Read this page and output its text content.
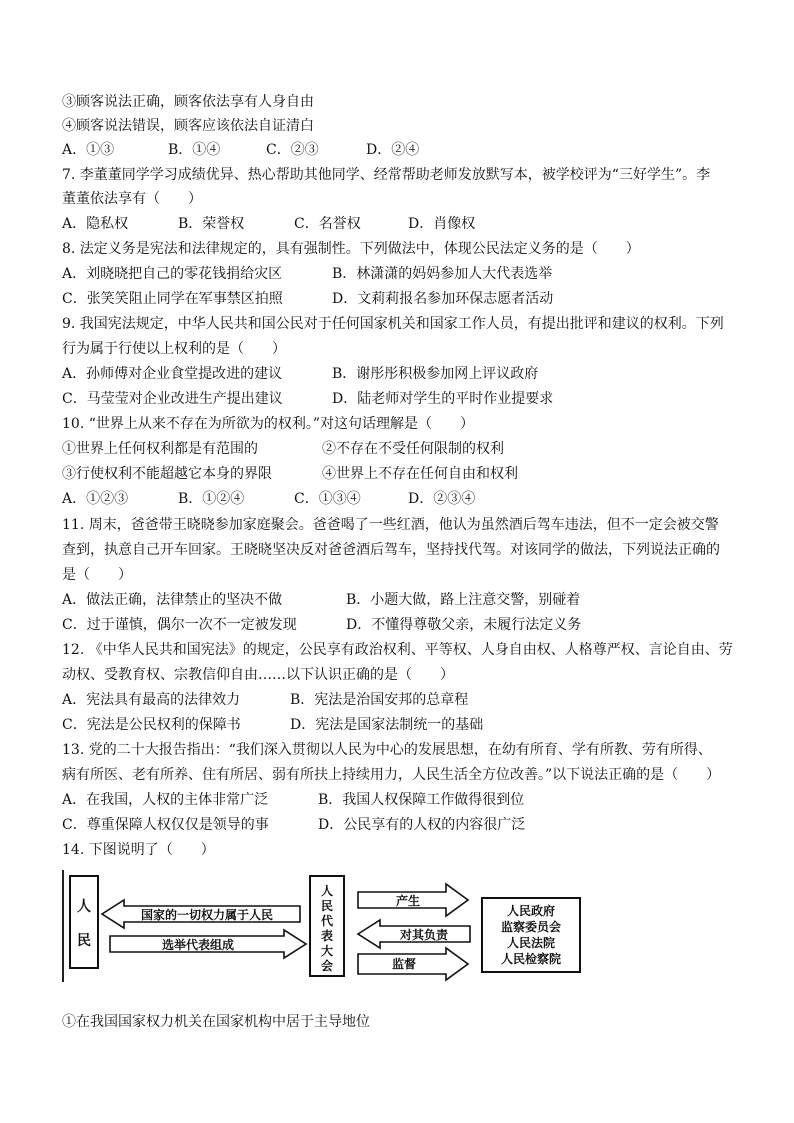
③顾客说法正确，顾客依法享有人身自由
④顾客说法错误，顾客应该依法自证清白
A．①③	B．①④	C．②③	D．②④
7. 李董董同学学习成绩优异、热心帮助其他同学、经常帮助老师发放默写本，被学校评为“三好学生”。李
董董依法享有（　　）
A．隐私权	B．荣誉权	C．名誉权	D．肖像权
8. 法定义务是宪法和法律规定的，具有强制性。下列做法中，体现公民法定义务的是（　　）
A．刘晓晓把自己的零花钱捐给灾区	B．林潇潇的妈妈参加人大代表选举
C．张笑笑阻止同学在军事禁区拍照	D．文莉莉报名参加环保志愿者活动
9. 我国宪法规定，中华人民共和国公民对于任何国家机关和国家工作人员，有提出批评和建议的权利。下列
行为属于行使以上权利的是（　　）
A．孙师傅对企业食堂提改进的建议	B．谢彤彤积极参加网上评议政府
C．马莹莹对企业改进生产提出建议	D．陆老师对学生的平时作业提要求
10. “世界上从来不存在为所欲为的权利。”对这句话理解是（　　）
①世界上任何权利都是有范围的	②不存在不受任何限制的权利
③行使权利不能超越它本身的界限	④世界上不存在任何自由和权利
A．①②③	B．①②④	C．①③④	D．②③④
11. 周末，爸爸带王晓晓参加家庭聚会。爸爸喝了一些红酒，他认为虽然酒后驾车违法，但不一定会被交警
查到，执意自己开车回家。王晓晓坚决反对爸爸酒后驾车，坚持找代驾。对该同学的做法，下列说法正确的
是（　　）
A．做法正确，法律禁止的坚决不做	B．小题大做，路上注意交警，别碰着
C．过于谨慎，偶尔一次不一定被发现	D．不懂得尊敬父亲，未履行法定义务
12. 《中华人民共和国宪法》的规定，公民享有政治权利、平等权、人身自由权、人格尊严权、言论自由、劳
动权、受教育权、宗教信仰自由……以下认识正确的是（　　）
A．宪法具有最高的法律效力	B．宪法是治国安邦的总章程
C．宪法是公民权利的保障书	D．宪法是国家法制统一的基础
13. 党的二十大报告指出：“我们深入贯彻以人民为中心的发展思想，在幼有所育、学有所教、劳有所得、
病有所医、老有所养、住有所居、弱有所扶上持续用力，人民生活全方位改善。”以下说法正确的是（　　）
A．在我国，人权的主体非常广泛	B．我国人权保障工作做得很到位
C．尊重保障人权仅仅是领导的事	D．公民享有的人权的内容很广泛
14. 下图说明了（　　）
人
民
国家的一切权力属于人民
选举代表组成
人
民
代
表
大
会
产生
对其负责
监督
人民政府
监察委员会
人民法院
人民检察院
①在我国国家权力机关在国家机构中居于主导地位
